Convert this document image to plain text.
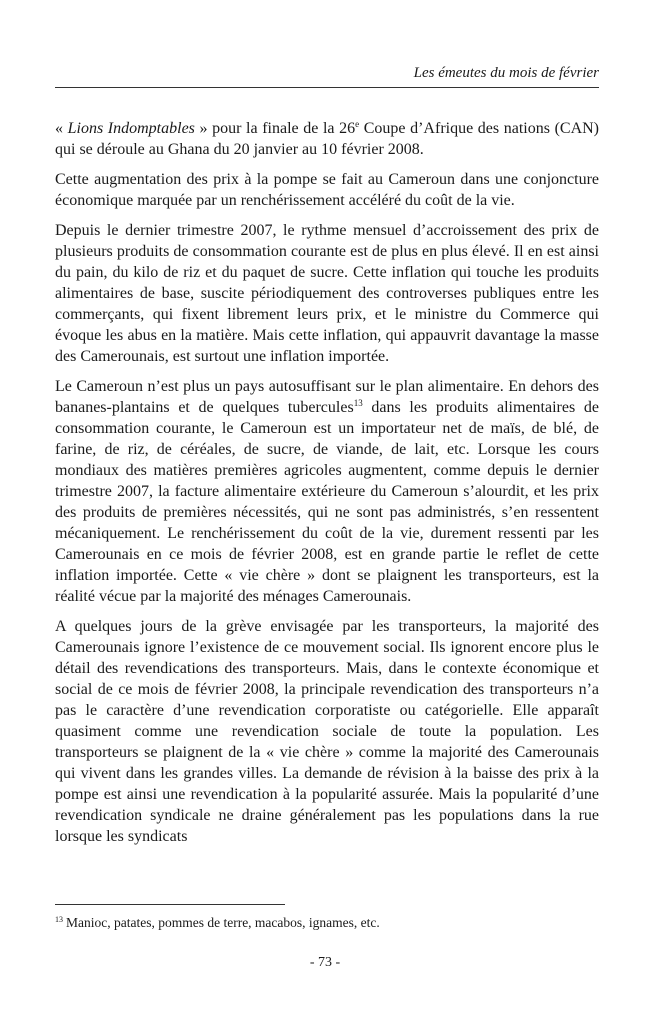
Les émeutes du mois de février

« Lions Indomptables » pour la finale de la 26e Coupe d’Afrique des nations (CAN) qui se déroule au Ghana du 20 janvier au 10 février 2008.

Cette augmentation des prix à la pompe se fait au Cameroun dans une conjoncture économique marquée par un renchérissement accéléré du coût de la vie.

Depuis le dernier trimestre 2007, le rythme mensuel d’accroissement des prix de plusieurs produits de consommation courante est de plus en plus élevé. Il en est ainsi du pain, du kilo de riz et du paquet de sucre. Cette inflation qui touche les produits alimentaires de base, suscite périodiquement des controverses publiques entre les commerçants, qui fixent librement leurs prix, et le ministre du Commerce qui évoque les abus en la matière. Mais cette inflation, qui appauvrit davantage la masse des Camerounais, est surtout une inflation importée.

Le Cameroun n’est plus un pays autosuffisant sur le plan alimentaire. En dehors des bananes-plantains et de quelques tubercules$^{13}$ dans les produits alimentaires de consommation courante, le Cameroun est un importateur net de maïs, de blé, de farine, de riz, de céréales, de sucre, de viande, de lait, etc. Lorsque les cours mondiaux des matières premières agricoles augmentent, comme depuis le dernier trimestre 2007, la facture alimentaire extérieure du Cameroun s’alourdit, et les prix des produits de premières nécessités, qui ne sont pas administrés, s’en ressentent mécaniquement. Le renchérissement du coût de la vie, durement ressenti par les Camerounais en ce mois de février 2008, est en grande partie le reflet de cette inflation importée. Cette « vie chère » dont se plaignent les transporteurs, est la réalité vécue par la majorité des ménages Camerounais.

A quelques jours de la grève envisagée par les transporteurs, la majorité des Camerounais ignore l’existence de ce mouvement social. Ils ignorent encore plus le détail des revendications des transporteurs. Mais, dans le contexte économique et social de ce mois de février 2008, la principale revendication des transporteurs n’a pas le caractère d’une revendication corporatiste ou catégorielle. Elle apparaît quasiment comme une revendication sociale de toute la population. Les transporteurs se plaignent de la « vie chère » comme la majorité des Camerounais qui vivent dans les grandes villes. La demande de révision à la baisse des prix à la pompe est ainsi une revendication à la popularité assurée. Mais la popularité d’une revendication syndicale ne draine généralement pas les populations dans la rue lorsque les syndicats

$^{13}$ Manioc, patates, pommes de terre, macabos, ignames, etc.
- 73 -
